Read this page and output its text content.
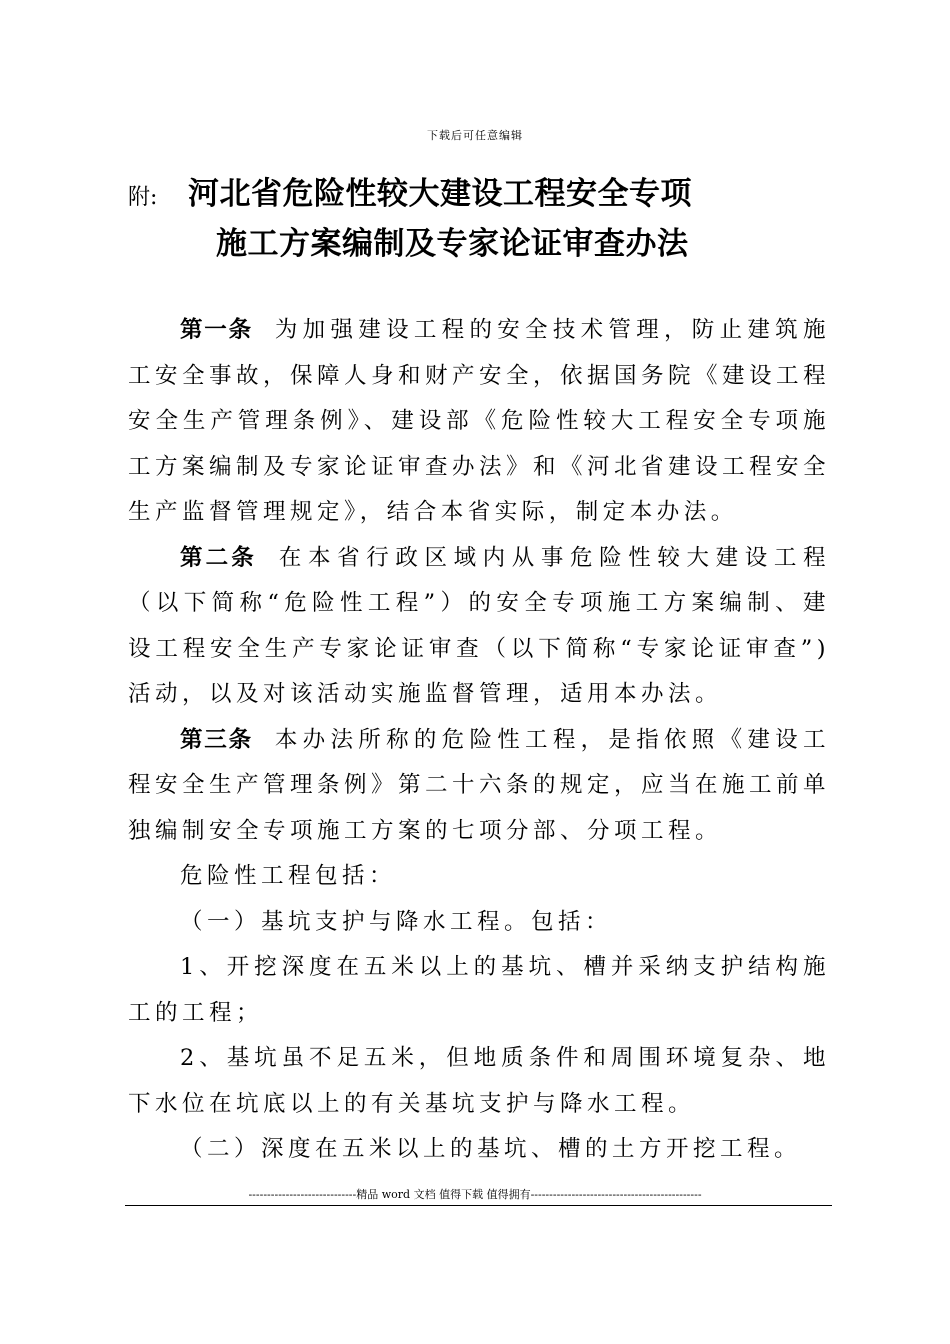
下载后可任意编辑
附: 河北省危险性较大建设工程安全专项
施工方案编制及专家论证审查办法

第一条 为加强建设工程的安全技术管理，防止建筑施工安全事故，保障人身和财产安全，依据国务院《建设工程安全生产管理条例》、建设部《危险性较大工程安全专项施工方案编制及专家论证审查办法》和《河北省建设工程安全生产监督管理规定》，结合本省实际，制定本办法。

第二条 在本省行政区域内从事危险性较大建设工程（以下简称“危险性工程”）的安全专项施工方案编制、建设工程安全生产专家论证审查（以下简称“专家论证审查”)活动，以及对该活动实施监督管理，适用本办法。

第三条 本办法所称的危险性工程，是指依照《建设工程安全生产管理条例》第二十六条的规定，应当在施工前单独编制安全专项施工方案的七项分部、分项工程。

危险性工程包括：

（一）基坑支护与降水工程。包括：

1、开挖深度在五米以上的基坑、槽并采纳支护结构施工的工程；

2、基坑虽不足五米，但地质条件和周围环境复杂、地下水位在坑底以上的有关基坑支护与降水工程。

（二）深度在五米以上的基坑、槽的土方开挖工程。

-----------------------------精品 word 文档 值得下载 值得拥有----------------------------------------------
